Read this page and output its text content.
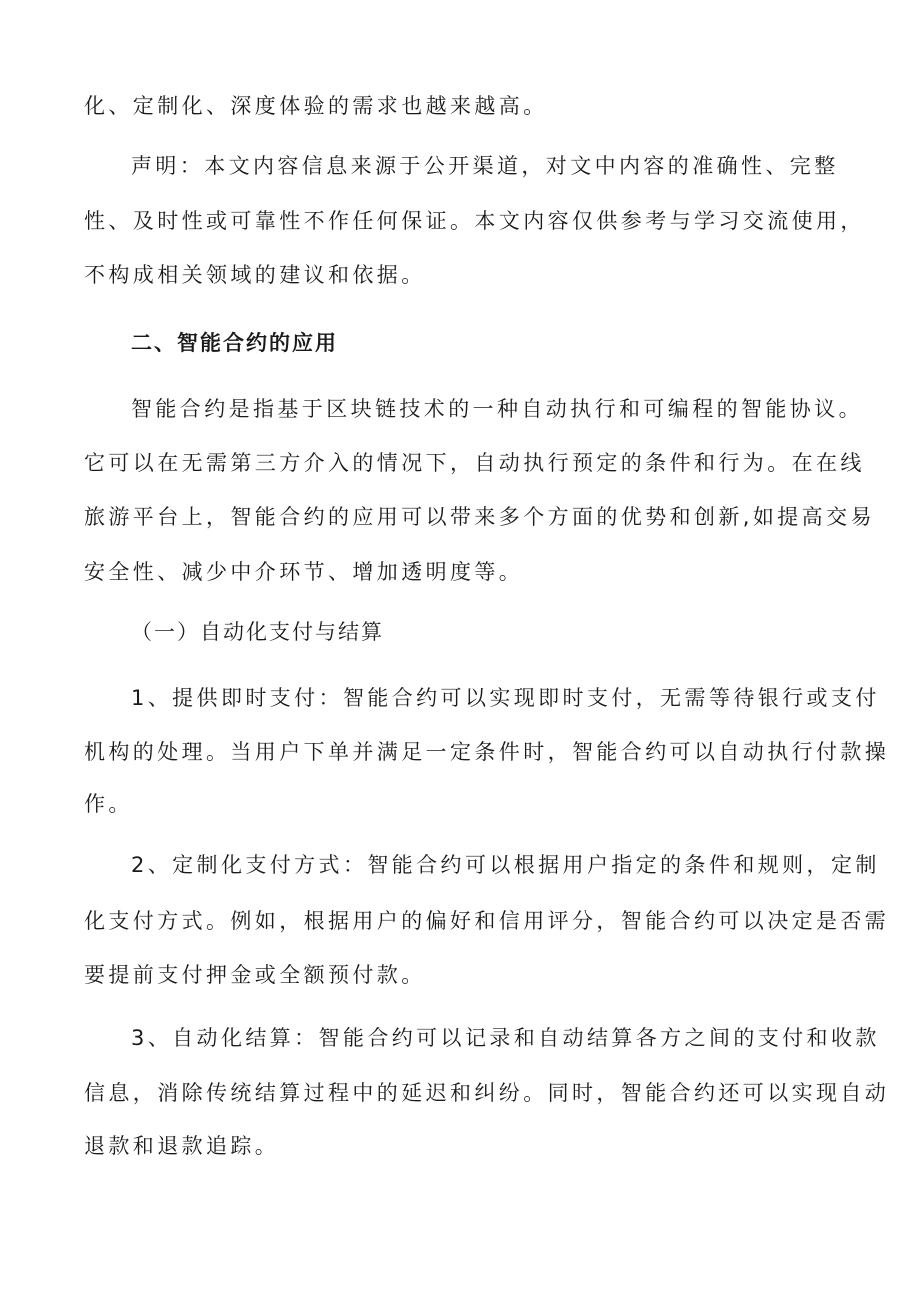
化、定制化、深度体验的需求也越来越高。
声明：本文内容信息来源于公开渠道，对文中内容的准确性、完整
性、及时性或可靠性不作任何保证。本文内容仅供参考与学习交流使用，
不构成相关领域的建议和依据。
二、智能合约的应用
智能合约是指基于区块链技术的一种自动执行和可编程的智能协议。
它可以在无需第三方介入的情况下，自动执行预定的条件和行为。在在线
旅游平台上，智能合约的应用可以带来多个方面的优势和创新,如提高交易
安全性、减少中介环节、增加透明度等。
（一）自动化支付与结算
1、提供即时支付：智能合约可以实现即时支付，无需等待银行或支付
机构的处理。当用户下单并满足一定条件时，智能合约可以自动执行付款操
作。
2、定制化支付方式：智能合约可以根据用户指定的条件和规则，定制
化支付方式。例如，根据用户的偏好和信用评分，智能合约可以决定是否需
要提前支付押金或全额预付款。
3、自动化结算：智能合约可以记录和自动结算各方之间的支付和收款
信息，消除传统结算过程中的延迟和纠纷。同时，智能合约还可以实现自动
退款和退款追踪。
